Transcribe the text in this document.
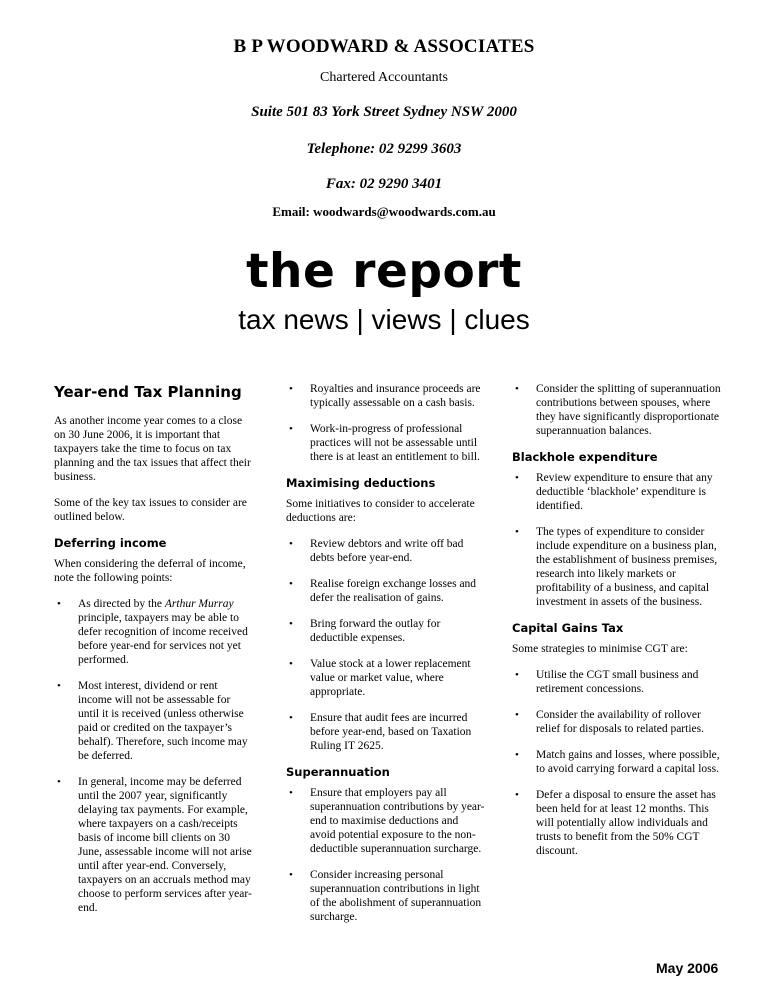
B P WOODWARD & ASSOCIATES
Chartered Accountants
Suite 501 83 York Street Sydney NSW 2000
Telephone: 02 9299 3603
Fax: 02 9290 3401
Email: woodwards@woodwards.com.au
the report
tax news | views | clues
Year-end Tax Planning

As another income year comes to a close on 30 June 2006, it is important that taxpayers take the time to focus on tax planning and the tax issues that affect their business.

Some of the key tax issues to consider are outlined below.

Deferring income

When considering the deferral of income, note the following points:

• As directed by the Arthur Murray principle, taxpayers may be able to defer recognition of income received before year-end for services not yet performed.
• Most interest, dividend or rent income will not be assessable for until it is received (unless otherwise paid or credited on the taxpayer’s behalf). Therefore, such income may be deferred.
• In general, income may be deferred until the 2007 year, significantly delaying tax payments. For example, where taxpayers on a cash/receipts basis of income bill clients on 30 June, assessable income will not arise until after year-end. Conversely, taxpayers on an accruals method may choose to perform services after year-end.
• Royalties and insurance proceeds are typically assessable on a cash basis.
• Work-in-progress of professional practices will not be assessable until there is at least an entitlement to bill.
Maximising deductions

Some initiatives to consider to accelerate deductions are:

• Review debtors and write off bad debts before year-end.
• Realise foreign exchange losses and defer the realisation of gains.
• Bring forward the outlay for deductible expenses.
• Value stock at a lower replacement value or market value, where appropriate.
• Ensure that audit fees are incurred before year-end, based on Taxation Ruling IT 2625.
Superannuation
• Ensure that employers pay all superannuation contributions by year-end to maximise deductions and avoid potential exposure to the non-deductible superannuation surcharge.
• Consider increasing personal superannuation contributions in light of the abolishment of superannuation surcharge.
• Consider the splitting of superannuation contributions between spouses, where they have significantly disproportionate superannuation balances.
Blackhole expenditure
• Review expenditure to ensure that any deductible ‘blackhole’ expenditure is identified.
• The types of expenditure to consider include expenditure on a business plan, the establishment of business premises, research into likely markets or profitability of a business, and capital investment in assets of the business.
Capital Gains Tax

Some strategies to minimise CGT are:

• Utilise the CGT small business and retirement concessions.
• Consider the availability of rollover relief for disposals to related parties.
• Match gains and losses, where possible, to avoid carrying forward a capital loss.
• Defer a disposal to ensure the asset has been held for at least 12 months. This will potentially allow individuals and trusts to benefit from the 50% CGT discount.
May 2006
